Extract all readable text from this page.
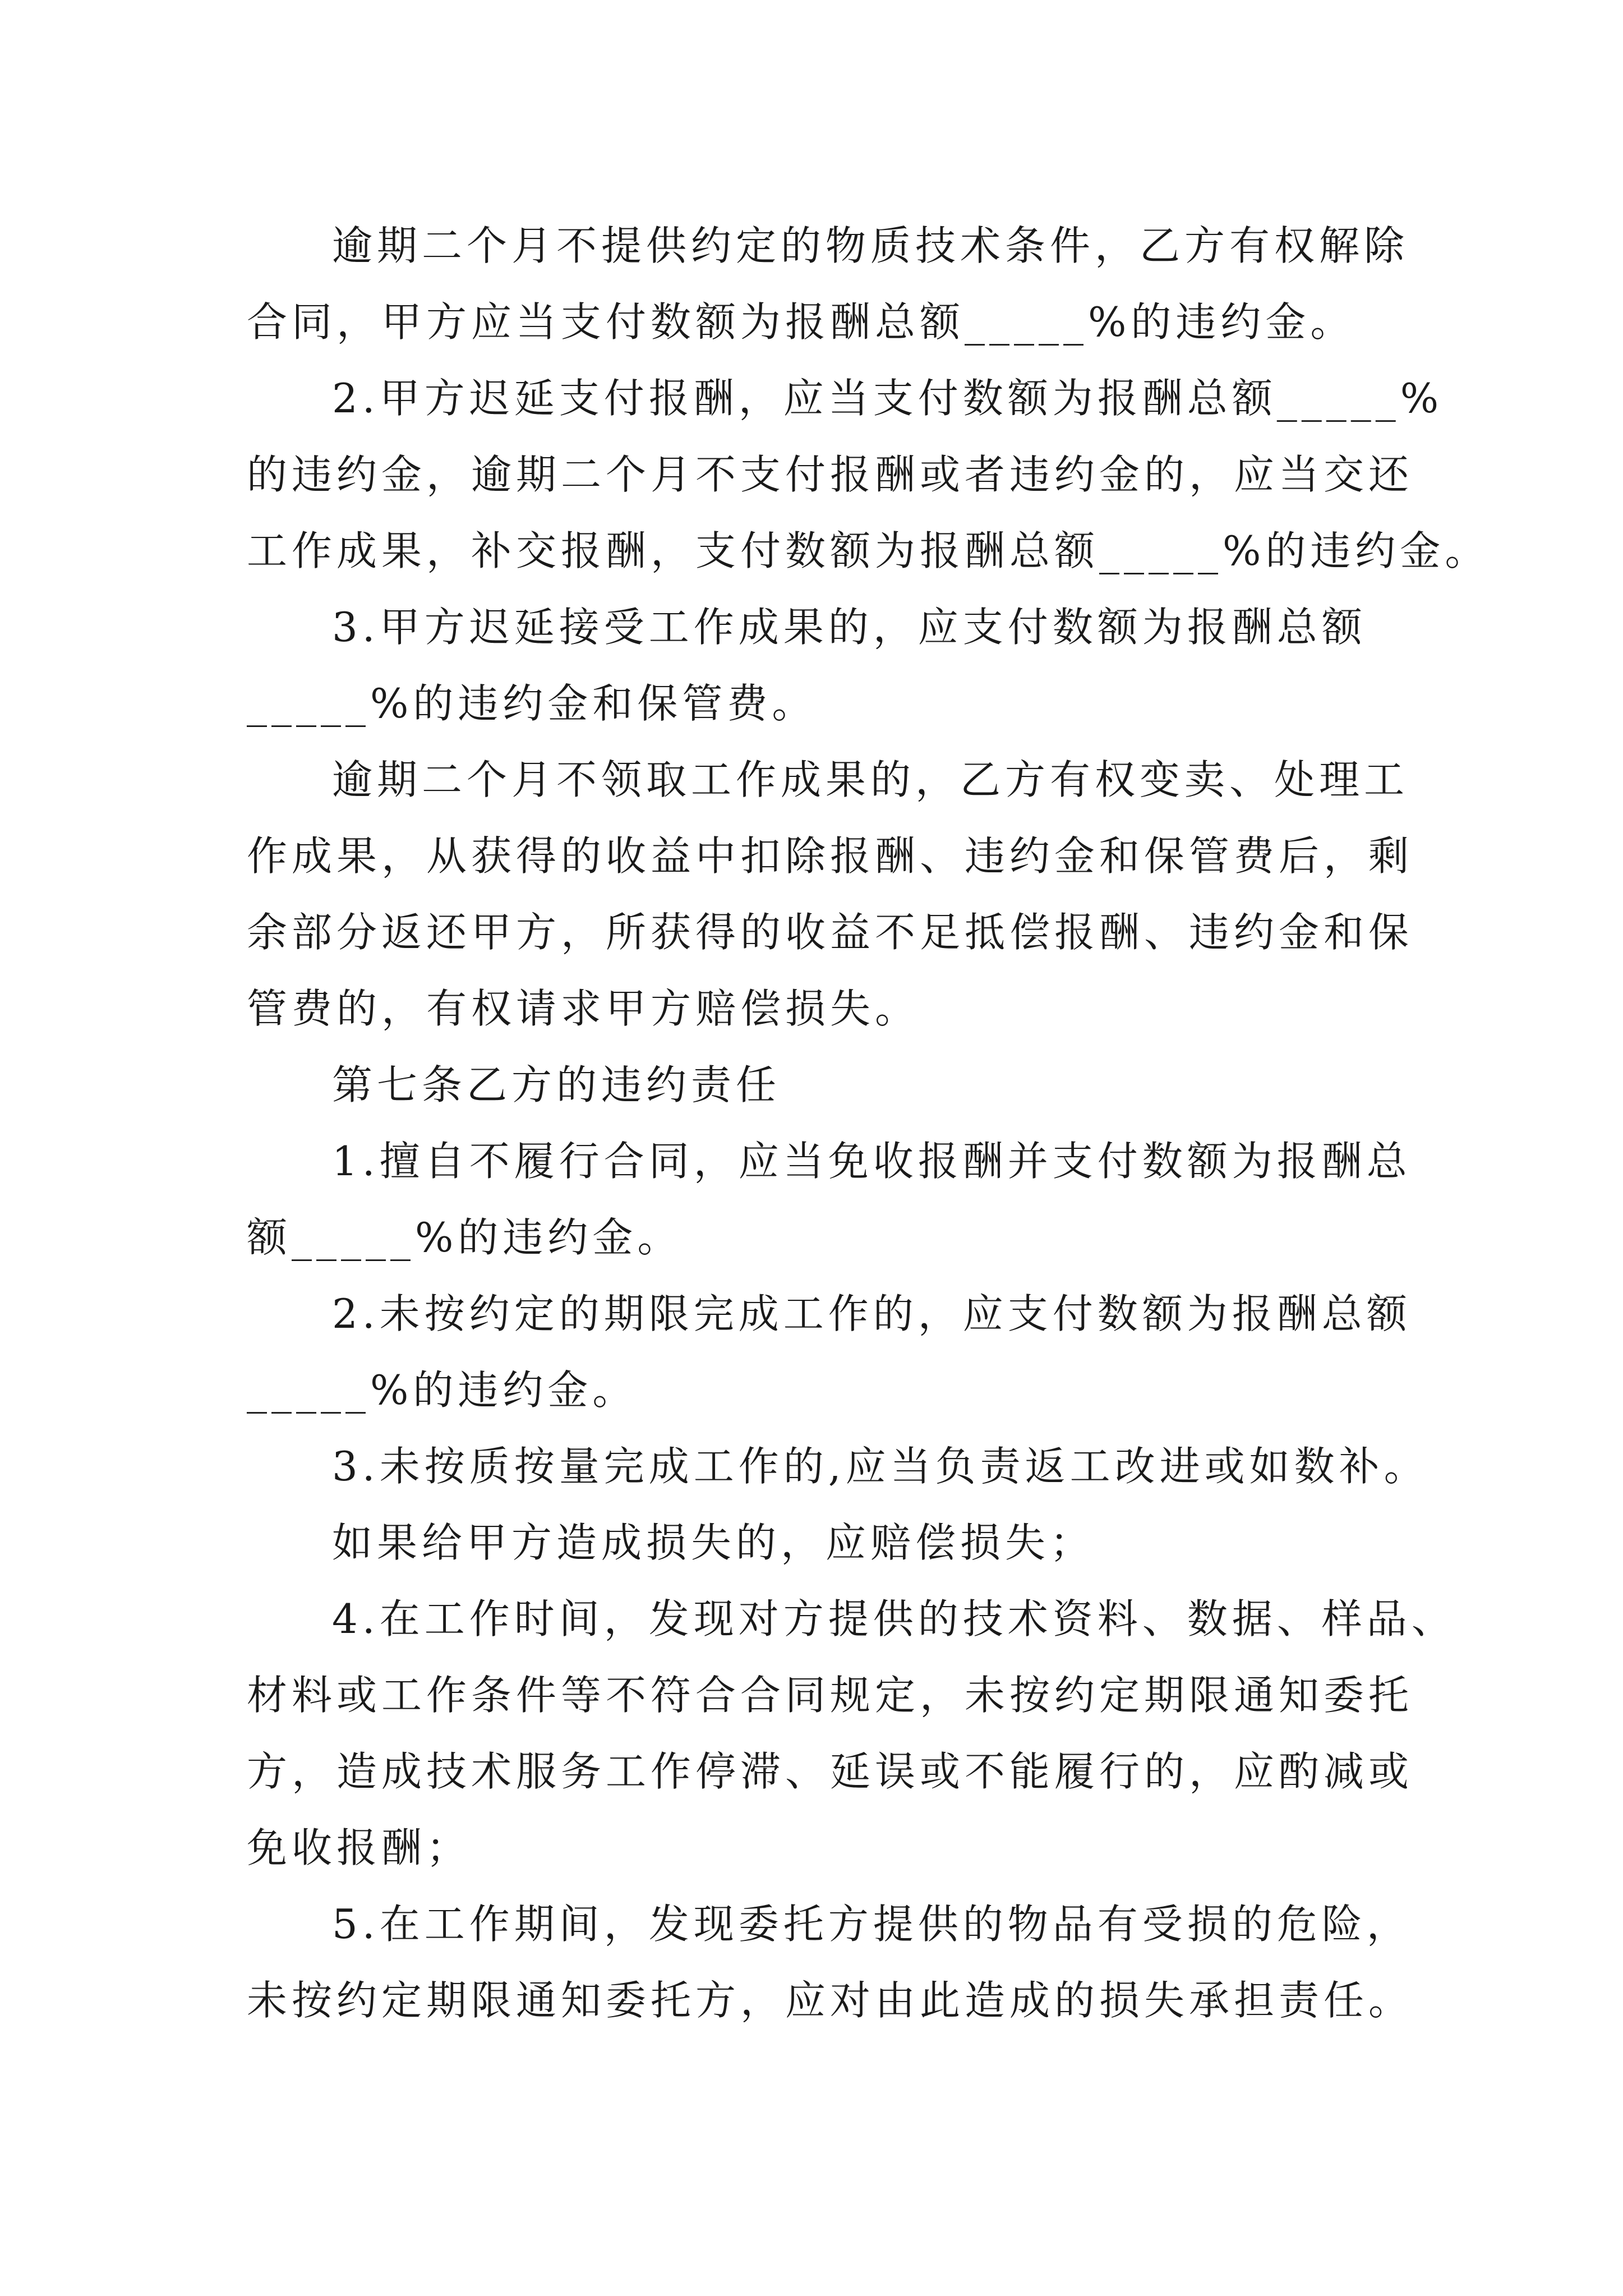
逾期二个月不提供约定的物质技术条件，乙方有权解除
合同，甲方应当支付数额为报酬总额_____%的违约金。
2.甲方迟延支付报酬，应当支付数额为报酬总额_____%
的违约金，逾期二个月不支付报酬或者违约金的，应当交还
工作成果，补交报酬，支付数额为报酬总额_____%的违约金。
3.甲方迟延接受工作成果的，应支付数额为报酬总额
_____%的违约金和保管费。
逾期二个月不领取工作成果的，乙方有权变卖、处理工
作成果，从获得的收益中扣除报酬、违约金和保管费后，剩
余部分返还甲方，所获得的收益不足抵偿报酬、违约金和保
管费的，有权请求甲方赔偿损失。
第七条乙方的违约责任
1.擅自不履行合同，应当免收报酬并支付数额为报酬总
额_____%的违约金。
2.未按约定的期限完成工作的，应支付数额为报酬总额
_____%的违约金。
3.未按质按量完成工作的,应当负责返工改进或如数补。
如果给甲方造成损失的，应赔偿损失；
4.在工作时间，发现对方提供的技术资料、数据、样品、
材料或工作条件等不符合合同规定，未按约定期限通知委托
方，造成技术服务工作停滞、延误或不能履行的，应酌减或
免收报酬；
5.在工作期间，发现委托方提供的物品有受损的危险，
未按约定期限通知委托方，应对由此造成的损失承担责任。
